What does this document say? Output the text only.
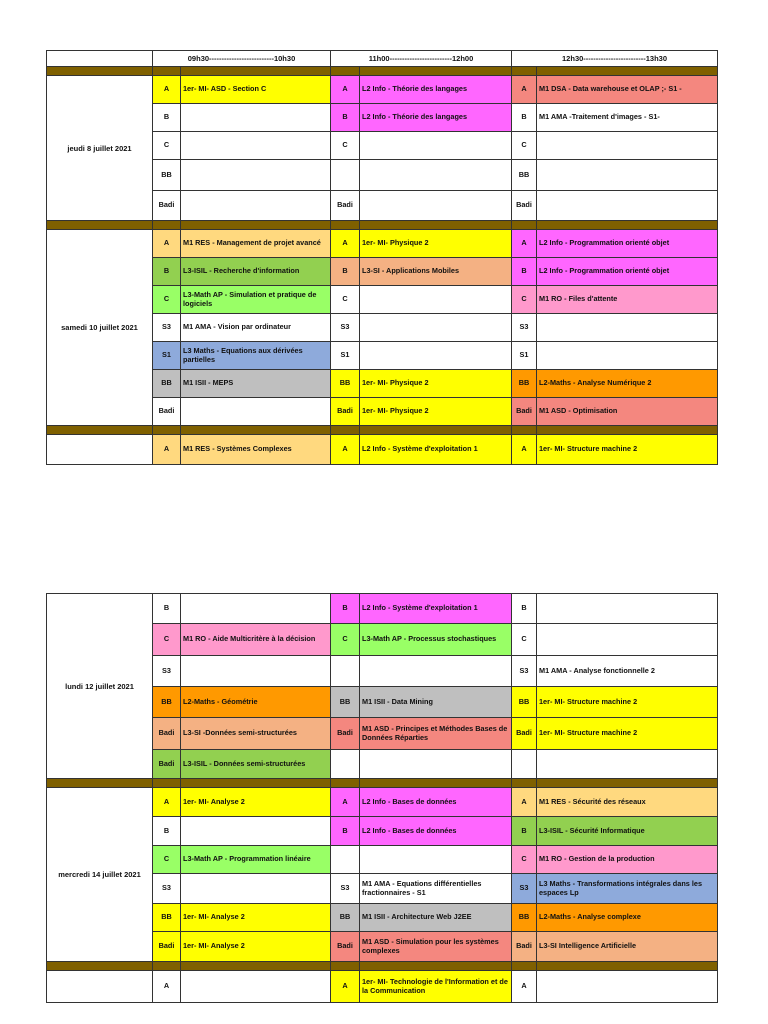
	09h30--------------------------10h30		11h00-------------------------12h00		12h30-------------------------13h30	

jeudi 8 juillet 2021	A	1er- MI- ASD - Section C	A	L2 Info - Théorie des langages	A	M1 DSA - Data warehouse et OLAP ;- S1 -
	B		B	L2 Info - Théorie des langages	B	M1 AMA -Traitement d'images - S1-
	C		C		C	
	BB				BB	
	Badi		Badi		Badi	

samedi 10 juillet 2021	A	M1 RES - Management de projet avancé	A	1er- MI- Physique 2	A	L2 Info - Programmation orienté objet
	B	L3-ISIL - Recherche d'information	B	L3-SI - Applications Mobiles	B	L2 Info - Programmation orienté objet
	C	L3-Math AP - Simulation et pratique de logiciels	C		C	M1 RO - Files d'attente
	S3	M1 AMA - Vision par ordinateur	S3		S3	
	S1	L3 Maths - Equations aux dérivées partielles	S1		S1	
	BB	M1 ISII - MEPS	BB	1er- MI- Physique 2	BB	L2-Maths - Analyse Numérique 2
	Badi		Badi	1er- MI- Physique 2	Badi	M1 ASD - Optimisation

	A	M1 RES - Systèmes Complexes	A	L2 Info - Système d'exploitation 1	A	1er- MI- Structure machine 2
lundi 12 juillet 2021	B		B	L2 Info - Système d'exploitation 1	B	
	C	M1 RO - Aide Multicritère à la décision	C	L3-Math AP - Processus stochastiques	C	
	S3				S3	M1 AMA - Analyse fonctionnelle 2
	BB	L2-Maths - Géométrie	BB	M1 ISII - Data Mining	BB	1er- MI- Structure machine 2
	Badi	L3-SI -Données semi-structurées	Badi	M1 ASD - Principes et Méthodes Bases de Données Réparties	Badi	1er- MI- Structure machine 2
	Badi	L3-ISIL - Données semi-structurées				

mercredi 14 juillet 2021	A	1er- MI- Analyse 2	A	L2 Info - Bases de données	A	M1 RES - Sécurité des réseaux
	B		B	L2 Info - Bases de données	B	L3-ISIL - Sécurité Informatique
	C	L3-Math AP - Programmation linéaire			C	M1 RO - Gestion de la production
	S3		S3	M1 AMA - Equations différentielles fractionnaires - S1	S3	L3 Maths - Transformations intégrales dans les espaces Lp
	BB	1er- MI- Analyse 2	BB	M1 ISII - Architecture Web J2EE	BB	L2-Maths - Analyse complexe
	Badi	1er- MI- Analyse 2	Badi	M1 ASD - Simulation pour les systèmes complexes	Badi	L3-SI Intelligence Artificielle

	A		A	1er- MI- Technologie de l'Information et de la Communication	A	
